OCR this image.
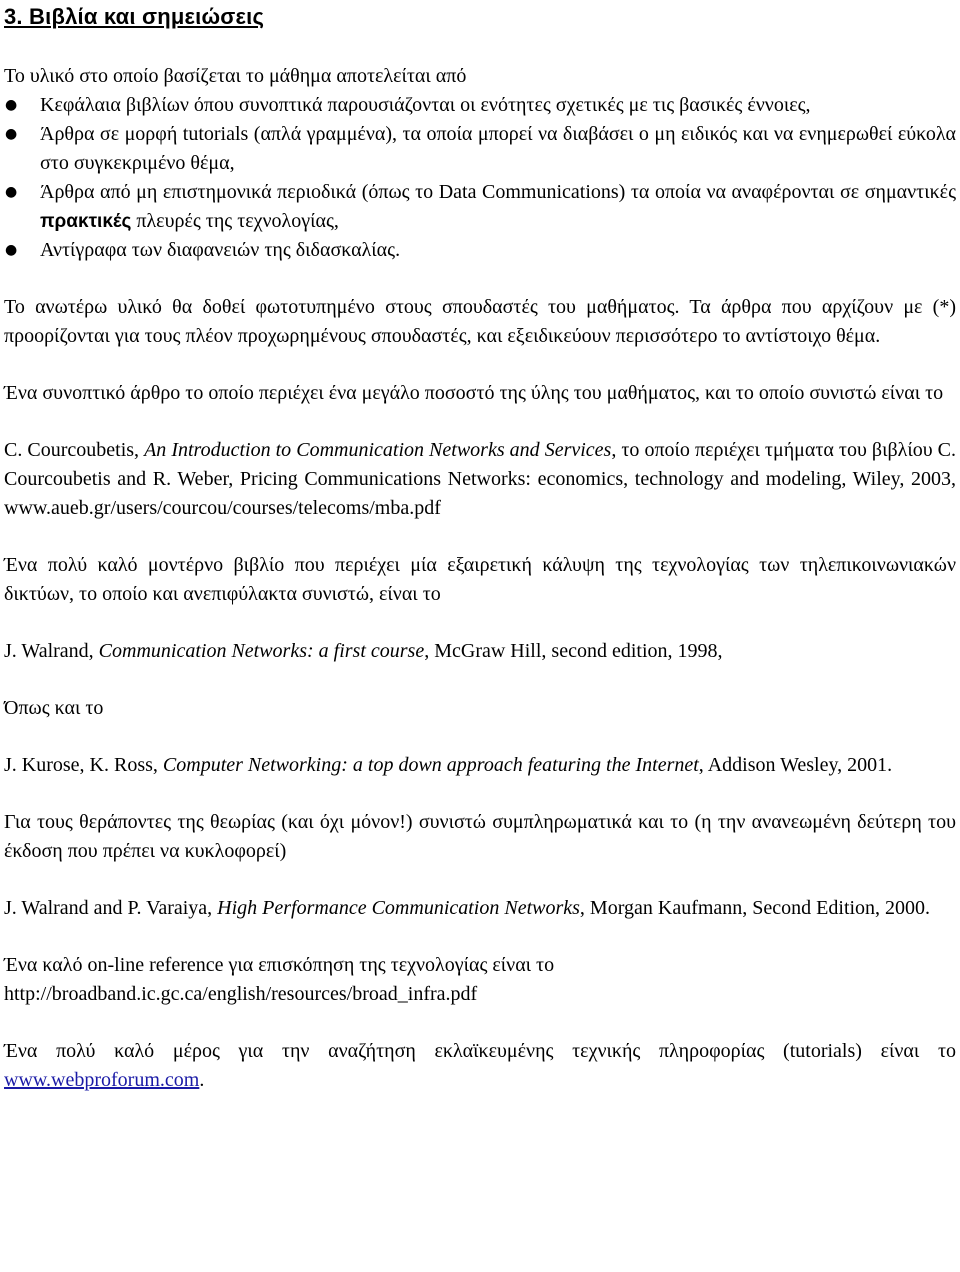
3. Βιβλία και σημειώσεις

Το υλικό στο οποίο βασίζεται το μάθημα αποτελείται από

● Κεφάλαια βιβλίων όπου συνοπτικά παρουσιάζονται οι ενότητες σχετικές με τις βασικές έννοιες,
● Άρθρα σε μορφή tutorials (απλά γραμμένα), τα οποία μπορεί να διαβάσει ο μη ειδικός και να ενημερωθεί εύκολα στο συγκεκριμένο θέμα,
● Άρθρα από μη επιστημονικά περιοδικά (όπως το Data Communications) τα οποία να αναφέρονται σε σημαντικές πρακτικές πλευρές της τεχνολογίας,
● Αντίγραφα των διαφανειών της διδασκαλίας.

Το ανωτέρω υλικό θα δοθεί φωτοτυπημένο στους σπουδαστές του μαθήματος. Τα άρθρα που αρχίζουν με (*) προορίζονται για τους πλέον προχωρημένους σπουδαστές, και εξειδικεύουν περισσότερο το αντίστοιχο θέμα.

Ένα συνοπτικό άρθρο το οποίο περιέχει ένα μεγάλο ποσοστό της ύλης του μαθήματος, και το οποίο συνιστώ είναι το

C. Courcoubetis, An Introduction to Communication Networks and Services, το οποίο περιέχει τμήματα του βιβλίου C. Courcoubetis and R. Weber, Pricing Communications Networks: economics, technology and modeling, Wiley, 2003, www.aueb.gr/users/courcou/courses/telecoms/mba.pdf

Ένα πολύ καλό μοντέρνο βιβλίο που περιέχει μία εξαιρετική κάλυψη της τεχνολογίας των τηλεπικοινωνιακών δικτύων, το οποίο και ανεπιφύλακτα συνιστώ, είναι το

J. Walrand, Communication Networks: a first course, McGraw Hill, second edition, 1998,

Όπως και το

J. Kurose, K. Ross, Computer Networking: a top down approach featuring the Internet, Addison Wesley, 2001.

Για τους θεράποντες της θεωρίας (και όχι μόνον!) συνιστώ συμπληρωματικά και το (η την ανανεωμένη δεύτερη του έκδοση που πρέπει να κυκλοφορεί)

J. Walrand and P. Varaiya, High Performance Communication Networks, Morgan Kaufmann, Second Edition, 2000.

Ένα καλό on-line reference για επισκόπηση της τεχνολογίας είναι το
http://broadband.ic.gc.ca/english/resources/broad_infra.pdf

Ένα πολύ καλό μέρος για την αναζήτηση εκλαϊκευμένης τεχνικής πληροφορίας (tutorials) είναι το www.webproforum.com.
